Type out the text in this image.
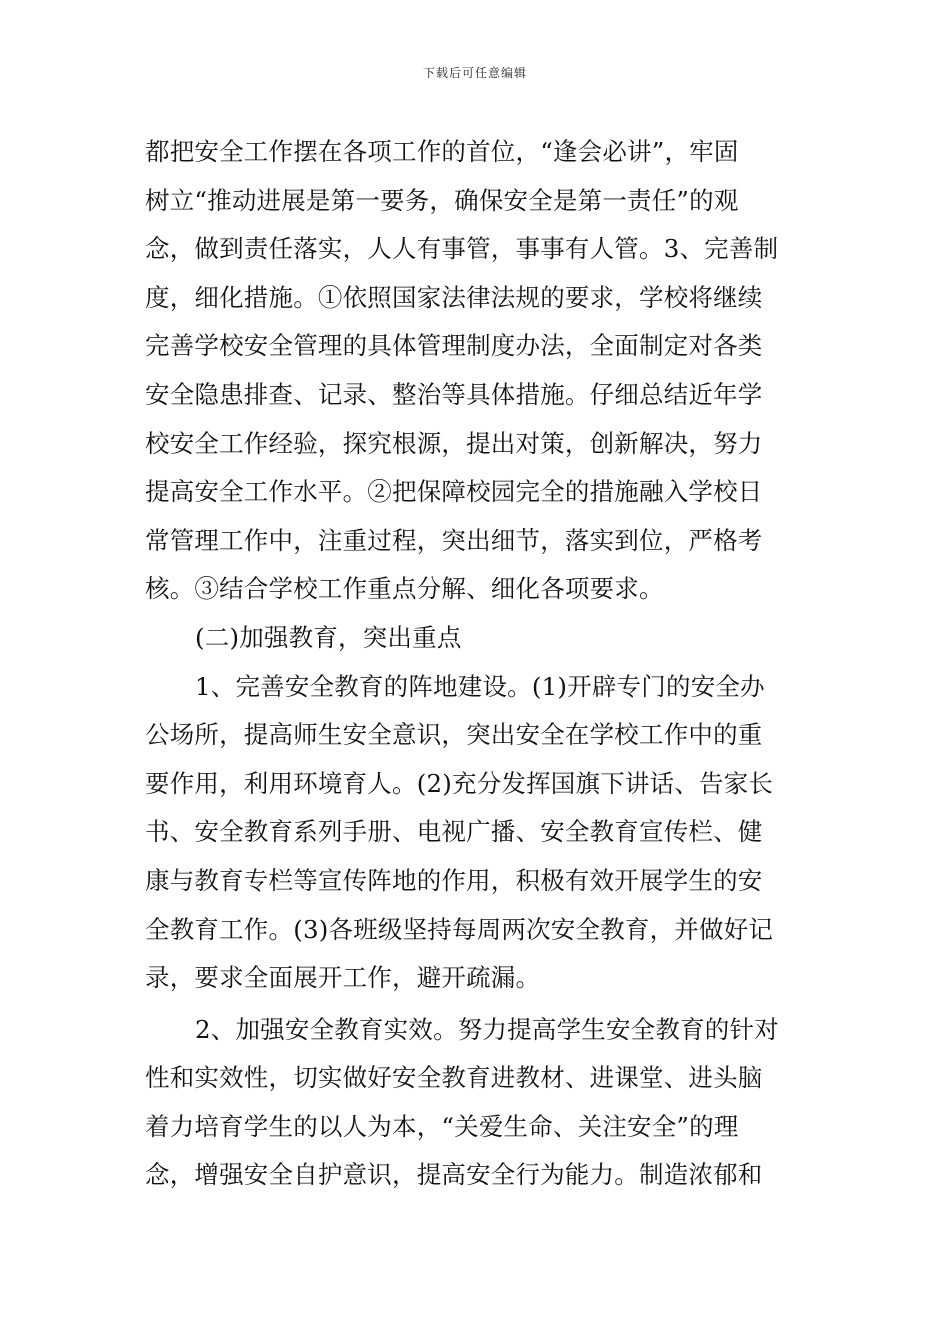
下载后可任意编辑
都把安全工作摆在各项工作的首位，“逢会必讲”，牢固
树立“推动进展是第一要务，确保安全是第一责任”的观
念，做到责任落实，人人有事管，事事有人管。3、完善制
度，细化措施。①依照国家法律法规的要求，学校将继续
完善学校安全管理的具体管理制度办法，全面制定对各类
安全隐患排查、记录、整治等具体措施。仔细总结近年学
校安全工作经验，探究根源，提出对策，创新解决，努力
提高安全工作水平。②把保障校园完全的措施融入学校日
常管理工作中，注重过程，突出细节，落实到位，严格考
核。③结合学校工作重点分解、细化各项要求。
(二)加强教育，突出重点
1、完善安全教育的阵地建设。(1)开辟专门的安全办
公场所，提高师生安全意识，突出安全在学校工作中的重
要作用，利用环境育人。(2)充分发挥国旗下讲话、告家长
书、安全教育系列手册、电视广播、安全教育宣传栏、健
康与教育专栏等宣传阵地的作用，积极有效开展学生的安
全教育工作。(3)各班级坚持每周两次安全教育，并做好记
录，要求全面展开工作，避开疏漏。
2、加强安全教育实效。努力提高学生安全教育的针对
性和实效性，切实做好安全教育进教材、进课堂、进头脑
着力培育学生的以人为本，“关爱生命、关注安全”的理
念，增强安全自护意识，提高安全行为能力。制造浓郁和
